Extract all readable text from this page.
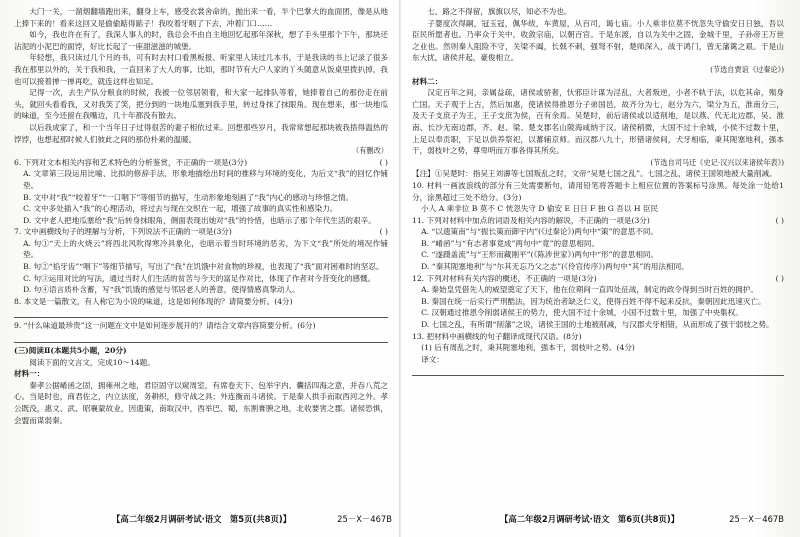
大门一关，一溜烟翻墙跑出来，翻身上车，感受衣裳舍命的，抛出来一看，半个巴掌大的血面团，像是从地上捧下来的！看来这回又是偷偷踮得踮子！我咬着牙咽了下去，冲着门口……

如今，我也许在有了，我深人事人的时，我总会不由自主地回忆起那年深秋，想了手头里那个下午，那块还沾泥的小泥巴的面饽，好比长起了一座甜滋滋的城堡。

年轻想，我只读过几个月的书，可有时去村口看黑板报、听家里人读过几本书，于是我读的书上记录了很多我在那里以外的，关于我和我，一直回来了大人的事。比如，那时节有大户人家的丫头随意从饭桌里拨扒掉，我也可以接着掸一掸再吃，就连这样也知足。

记得一次，去生产队分粮食的时候，我被一位邻居领着，和大家一起排队等着，她捧着自己的那份走在前头，就回头看看我，又对我笑了笑，把分到的一块地瓜塞到我手里，转过身抹了抹眼角。现在想来，那一块地瓜的味道，至今还留在我嘴边，几十年都没有散去。

以后我成家了，和一个当年日子过得很苦的妻子相依过来。回想那些岁月，我常常想起那块被我捂得温热的饽饽，也想起那时候人们彼此之间的那份朴素的温暖。

（有删改）

6. 下列对文本相关内容和艺术特色的分析鉴赏，不正确的一项是(3分)	( )

A. 文章第三段运用比喻、比拟的修辞手法，形象地描绘出时间的推移与环境的变化，为后文“我”的回忆作铺垫。

B. 文中对“我”“咬着牙”“一口咽下”等细节的描写，生动形象地刻画了“我”内心的感动与珍惜之情。

C. 文中多处插入“我”的心理活动，将过去与现在交织在一起，增强了故事的真实性和感染力。

D. 文中老人把地瓜塞给“我”后转身抹眼角，侧面表现出她对“我”的怜惜，也暗示了那个年代生活的艰辛。

7. 文中画横线句子的理解与分析，下列说法不正确的一项是(3分)	( )

A. 句①“天上的火烧云”将西北风吹得寒冷具象化，也暗示着当时环境的恶劣，为下文“我”所处的境况作铺垫。

B. 句②“掐牙齿”“咽下”等细节描写，写出了“我”在饥饿中对食物的珍视，也表现了“我”面对困难时的坚忍。

C. 句③运用对比的写法，通过当时人们生活的贫苦与今天的富足作对比，体现了作者对今昔变化的感慨。

D. 句④语言质朴含蓄，写“我”饥饿的感觉与邻居老人的善意，使得情感真挚动人。

8. 本文是一篇散文，有人称它为小说的味道，这是如何体现的？请简要分析。(4分)

9. “什么味道最珍贵”这一问题在文中是如何逐步展开的？请结合文章内容简要分析。(6分)

(三)阅读Ⅱ(本题共5小题，20分)

阅读下面的文言文，完成10～14题。

材料一：

秦孝公据崤函之固，拥雍州之地，君臣固守以窥周室，有席卷天下、包举宇内、囊括四海之意，并吞八荒之心。当是时也，商君佐之，内立法度，务耕织，修守战之具；外连衡而斗诸侯。于是秦人拱手而取西河之外。孝公既没，惠文、武、昭襄蒙故业，因遗策，南取汉中，西举巴、蜀，东割膏腴之地，北收要害之郡。诸侯恐惧，会盟而谋弱秦。

七、路之不得留，旗旗以尽，知必不为也。

子婴度次得嗣，冠玉冠，佩华绂，车黄屋，从百司，谒七庙。小人乘非位莫不恍忽失守偷安日日独，吾以臣民所愿者也。乃率众于关中，收敛宗庙，以朝百官。于是东渡，自以为关中之固，金城千里，子孙帝王万世之业也。然则秦人阻险不守，关梁不阖，长戟不刺，强弩不射，楚师深入，战于鸿门，曾无藩篱之艰。于是山东大扰，诸侯并起，豪俊相立。

(节选自贾谊《过秦论》)

材料二：

汉定百年之间，亲属益疏，诸侯或骄奢，忕邪臣计谋为淫乱，大者叛逆，小者不轨于法，以危其命，殒身亡国。天子观于上古，然后加惠，使诸侯得推恩分子弟国邑，故齐分为七，赵分为六，梁分为五，淮南分三，及天子支庶子为王，王子支庶为侯，百有余焉。吴楚时，前后诸侯或以适削地，是以燕、代无北边郡，吴、淮南、长沙无南边郡，齐、赵、梁、楚支郡名山陂海咸纳于汉。诸侯稍微，大国不过十余城，小侯不过数十里，上足以奉贡职，下足以供养祭祀，以蕃辅京师。而汉郡八九十，形错诸侯间，犬牙相临，秉其阨塞地利，强本干，弱枝叶之势，尊卑明而万事各得其所矣。

(节选自司马迁《史记·汉兴以来诸侯年表》)

【注】①吴楚时：指吴王刘濞等七国叛乱之时，文帝“吴楚七国之乱”。七国之乱，诸侯王国领地被大量削减。

10. 材料一画波浪线的部分有三处需要断句，请用铅笔将答题卡上相应位置的答案标号涂黑。每处涂一处给1分，涂黑超过三处不给分。(3分)

小人 A 乘非位 B 莫不 C 恍忽失守 D 偷安 E 日日 F 独 G 吾以 H 臣民

11. 下列对材料中加点的词语及相关内容的解说，不正确的一项是(3分)	( )

A. “以遗策南”与“振长策而御宇内”(《过秦论》)两句中“策”的意思不同。

B. “崤函”与“有志者事竟成”两句中“竟”的意思相同。

C. “遂蹑盖流”与“王形而藏刚平”(《陈涉世家》)两句中“形”的意思相同。

D. “秦其阨塞地利”与“尔其无忘乃父之志”(《伶官传序》)两句中“其”的用法相同。

12. 下列对材料有关内容的概述，不正确的一项是(3分)	( )

A. 秦始皇凭借先人的威望奠定了天下，他在位期间一直四处征战，制定的政令得到当时百姓的拥护。

B. 秦国在统一后实行严刑酷法，因为统治者缺乏仁义，使得百姓不得不起来反抗，秦朝因此迅速灭亡。

C. 汉朝通过推恩令削弱诸侯王的势力，使大国不过十余城，小国不过数十里，加强了中央集权。

D. 七国之乱，有所谓“削藩”之说，诸侯王国的土地被削减，与汉郡犬牙相错，从而形成了强干弱枝之势。

13. 把材料中画横线的句子翻译成现代汉语。(8分)

(1) 后有周乱之时，秉其阨塞地利，强本干，弱枝叶之势。(4分)

译文：

【高二年级2月调研考试·语文　第5页(共8页)】	25－X－467B	【高二年级2月调研考试·语文　第6页(共8页)】	25－X－467B
